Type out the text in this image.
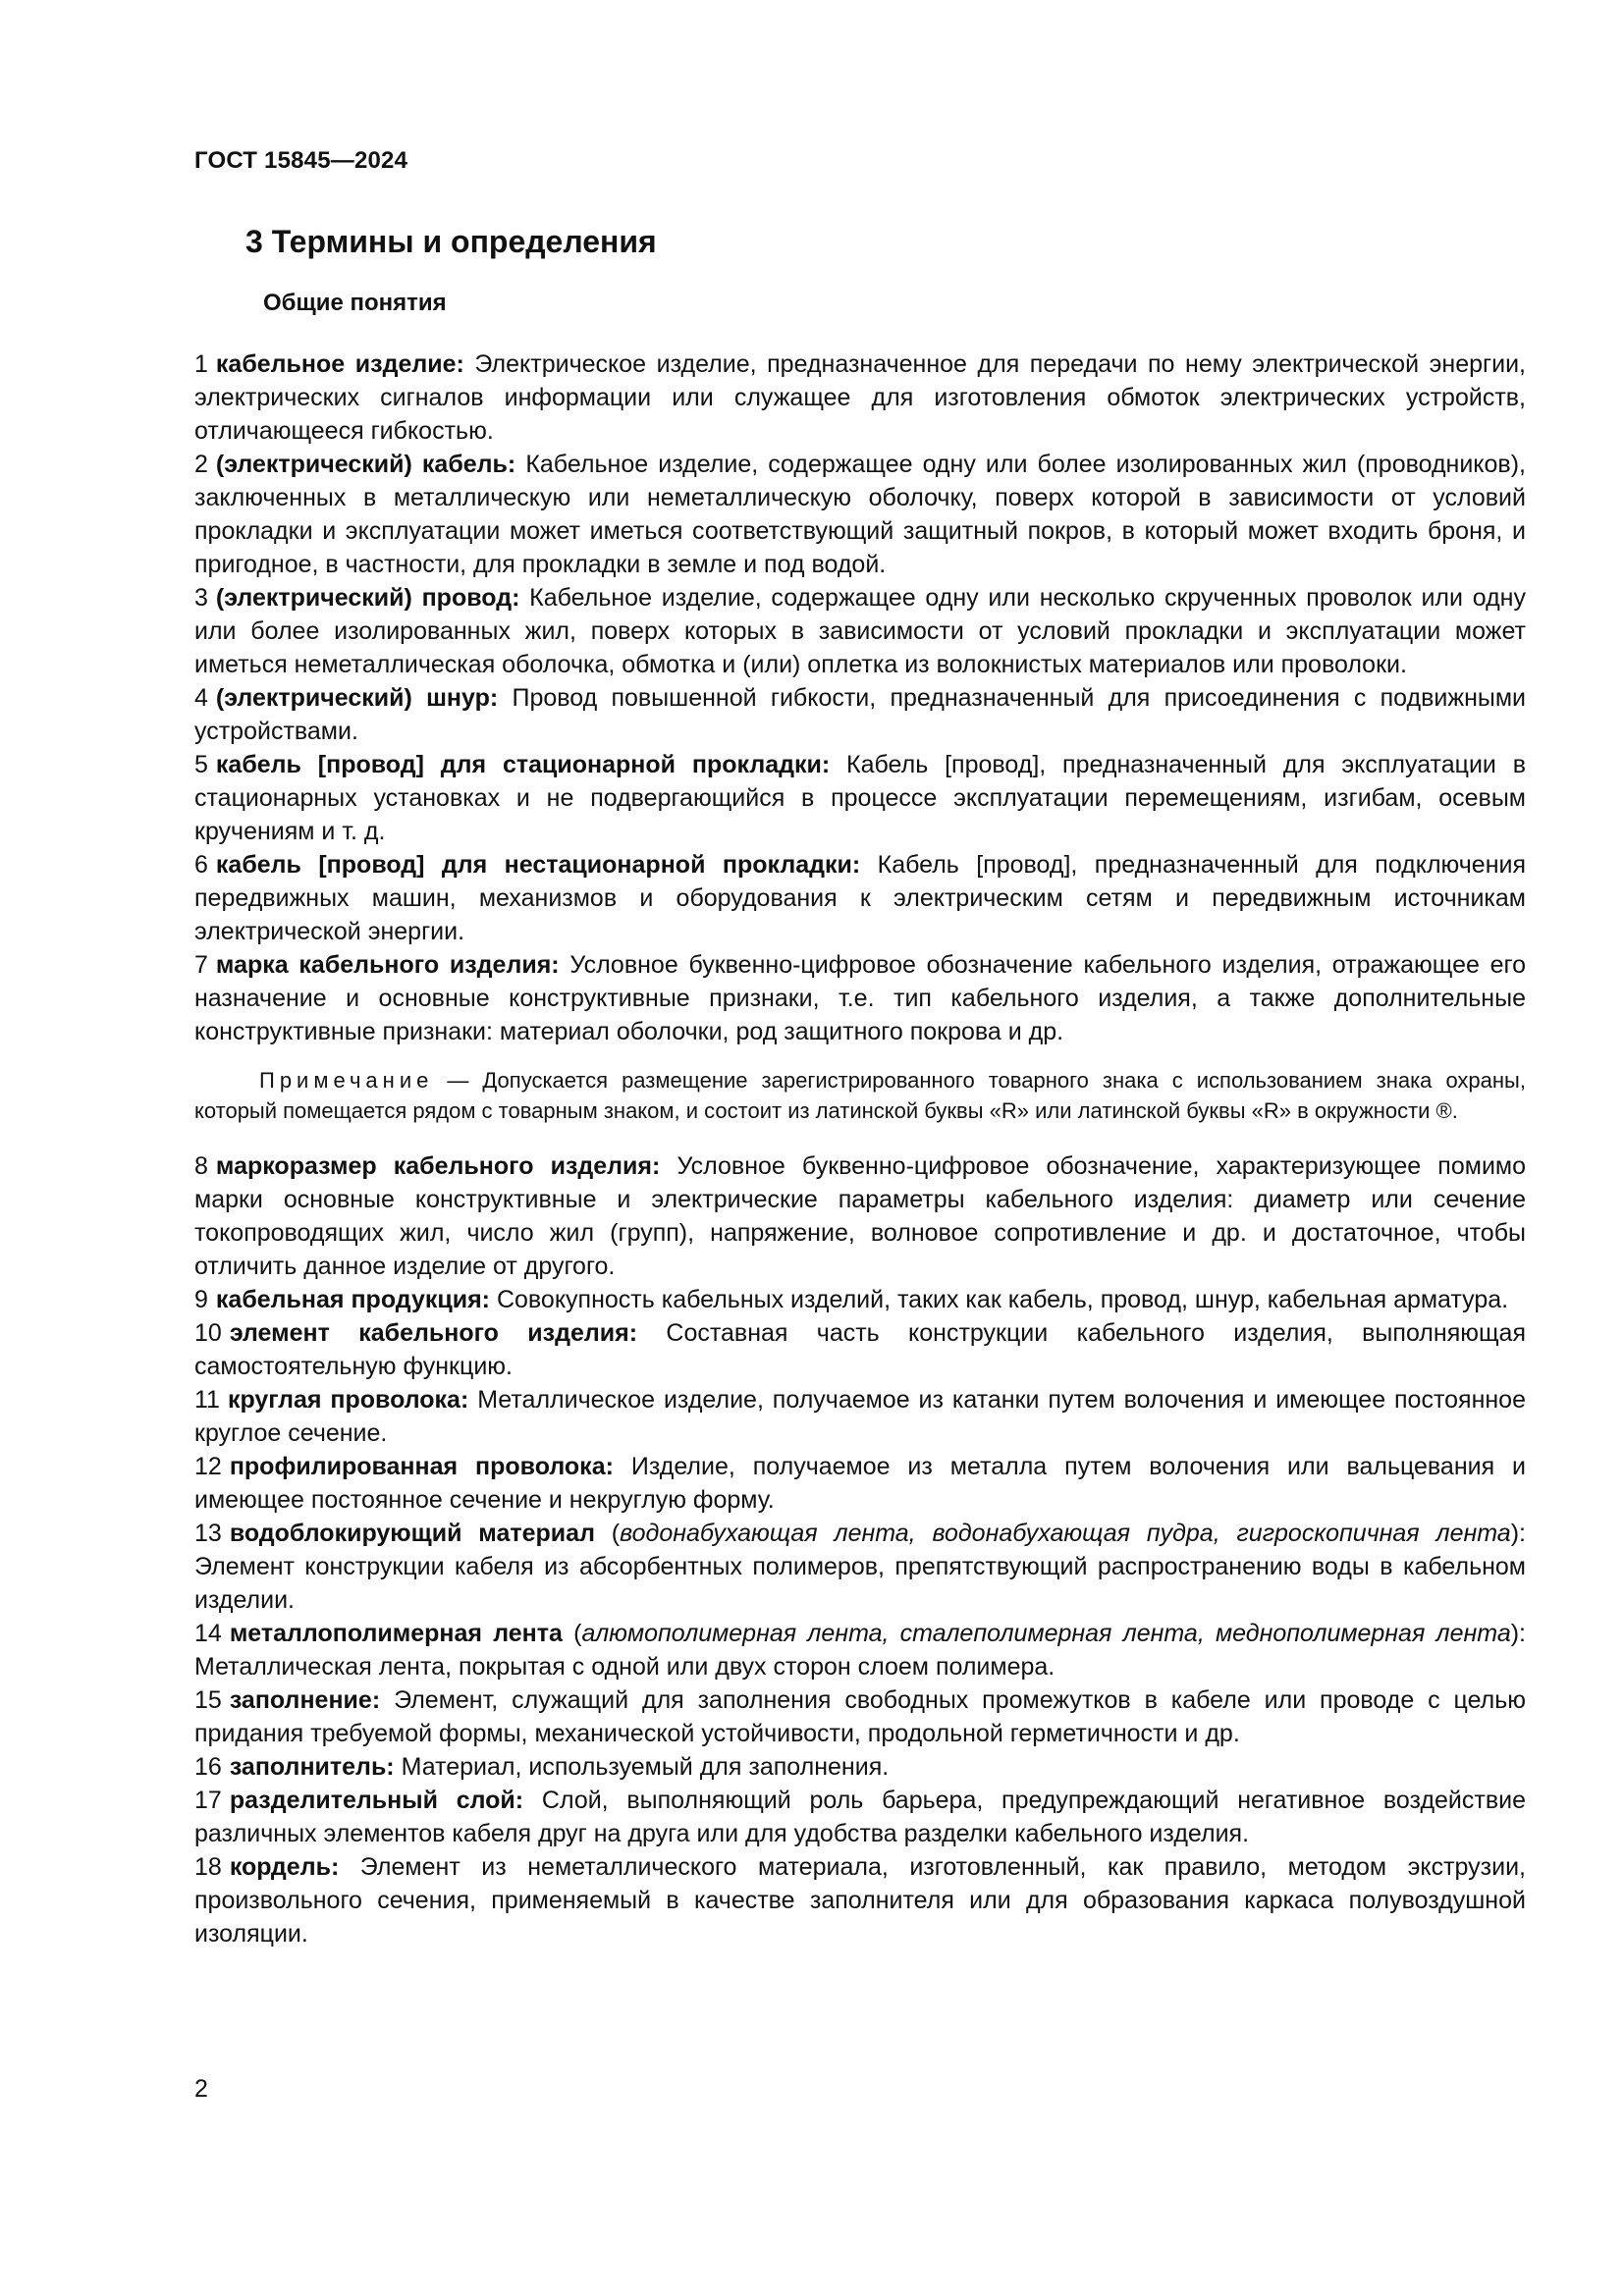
ГОСТ 15845—2024
3 Термины и определения
Общие понятия

1 кабельное изделие: Электрическое изделие, предназначенное для передачи по нему электрической энергии, электрических сигналов информации или служащее для изготовления обмоток электрических устройств, отличающееся гибкостью.

2 (электрический) кабель: Кабельное изделие, содержащее одну или более изолированных жил (проводников), заключенных в металлическую или неметаллическую оболочку, поверх которой в зависимости от условий прокладки и эксплуатации может иметься соответствующий защитный покров, в который может входить броня, и пригодное, в частности, для прокладки в земле и под водой.

3 (электрический) провод: Кабельное изделие, содержащее одну или несколько скрученных проволок или одну или более изолированных жил, поверх которых в зависимости от условий прокладки и эксплуатации может иметься неметаллическая оболочка, обмотка и (или) оплетка из волокнистых материалов или проволоки.

4 (электрический) шнур: Провод повышенной гибкости, предназначенный для присоединения с подвижными устройствами.

5 кабель [провод] для стационарной прокладки: Кабель [провод], предназначенный для эксплуатации в стационарных установках и не подвергающийся в процессе эксплуатации перемещениям, изгибам, осевым кручениям и т. д.

6 кабель [провод] для нестационарной прокладки: Кабель [провод], предназначенный для подключения передвижных машин, механизмов и оборудования к электрическим сетям и передвижным источникам электрической энергии.

7 марка кабельного изделия: Условное буквенно-цифровое обозначение кабельного изделия, отражающее его назначение и основные конструктивные признаки, т.е. тип кабельного изделия, а также дополнительные конструктивные признаки: материал оболочки, род защитного покрова и др.

Примечание — Допускается размещение зарегистрированного товарного знака с использованием знака охраны, который помещается рядом с товарным знаком, и состоит из латинской буквы «R» или латинской буквы «R» в окружности ®.

8 маркоразмер кабельного изделия: Условное буквенно-цифровое обозначение, характеризующее помимо марки основные конструктивные и электрические параметры кабельного изделия: диаметр или сечение токопроводящих жил, число жил (групп), напряжение, волновое сопротивление и др. и достаточное, чтобы отличить данное изделие от другого.

9 кабельная продукция: Совокупность кабельных изделий, таких как кабель, провод, шнур, кабельная арматура.

10 элемент кабельного изделия: Составная часть конструкции кабельного изделия, выполняющая самостоятельную функцию.

11 круглая проволока: Металлическое изделие, получаемое из катанки путем волочения и имеющее постоянное круглое сечение.

12 профилированная проволока: Изделие, получаемое из металла путем волочения или вальцевания и имеющее постоянное сечение и некруглую форму.

13 водоблокирующий материал (водонабухающая лента, водонабухающая пудра, гигроскопичная лента): Элемент конструкции кабеля из абсорбентных полимеров, препятствующий распространению воды в кабельном изделии.

14 металлополимерная лента (алюмополимерная лента, сталеполимерная лента, меднополимерная лента): Металлическая лента, покрытая с одной или двух сторон слоем полимера.

15 заполнение: Элемент, служащий для заполнения свободных промежутков в кабеле или проводе с целью придания требуемой формы, механической устойчивости, продольной герметичности и др.

16 заполнитель: Материал, используемый для заполнения.

17 разделительный слой: Слой, выполняющий роль барьера, предупреждающий негативное воздействие различных элементов кабеля друг на друга или для удобства разделки кабельного изделия.

18 кордель: Элемент из неметаллического материала, изготовленный, как правило, методом экструзии, произвольного сечения, применяемый в качестве заполнителя или для образования каркаса полувоздушной изоляции.

2
